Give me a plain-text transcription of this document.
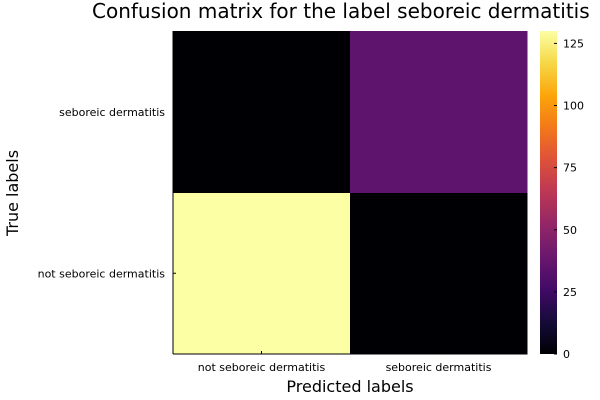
Confusion matrix for the label seboreic dermatitis
not seboreic dermatitis	seboreic dermatitis
not seboreic dermatitis
seboreic dermatitis
Predicted labels
True labels
0
25
50
75
100
125
